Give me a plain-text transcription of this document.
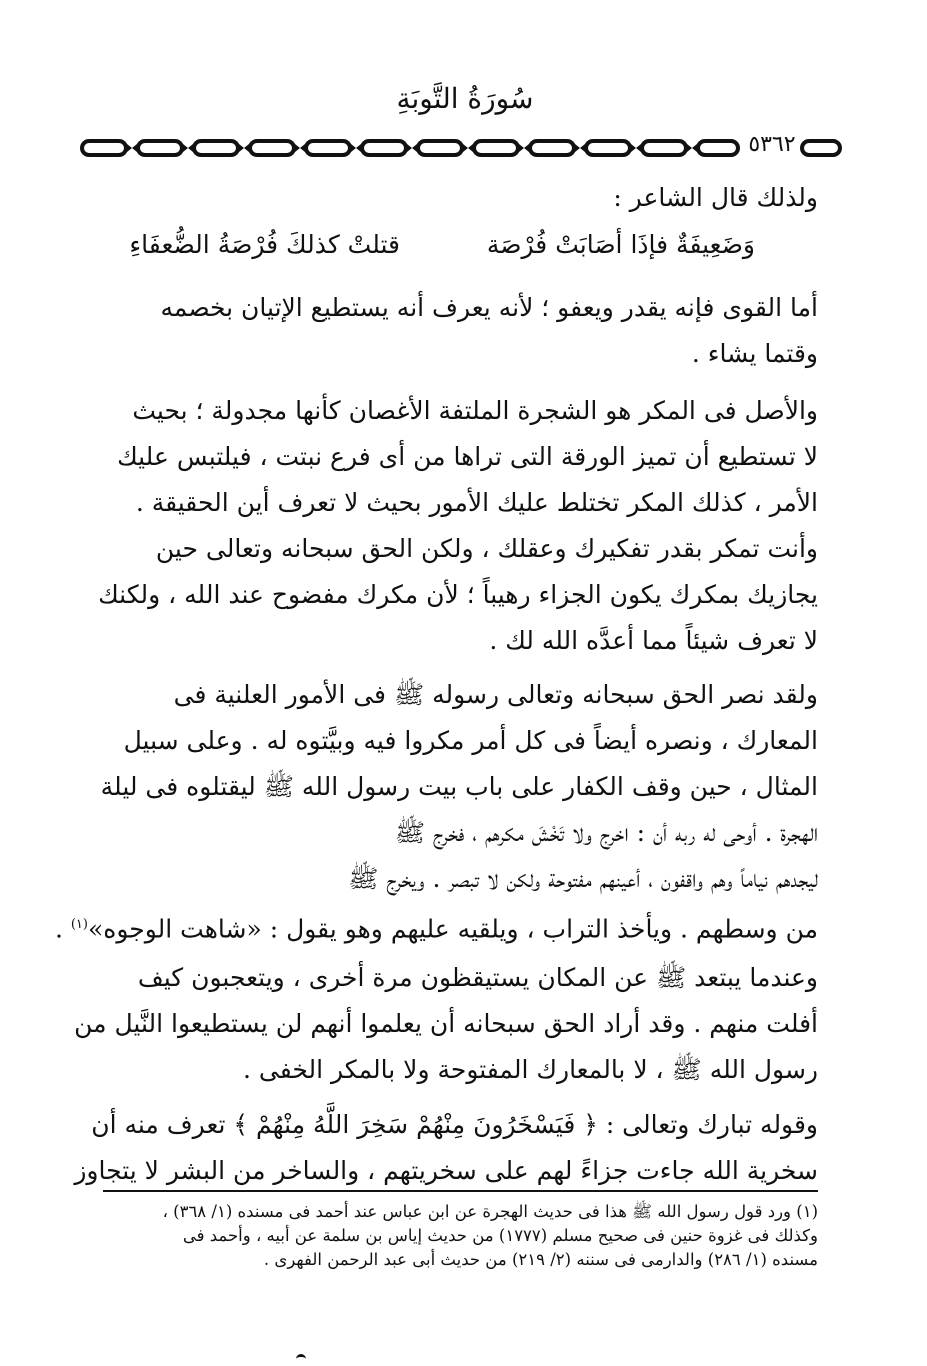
سُورَةُ التَّوبَةِ
٥٣٦٢
ولذلك قال الشاعر :
وَضَعِيفَةٌ فإذَا أصَابَتْ فُرْصَة
قتلتْ كذلكَ فُرْصَةُ الضُّعفَاءِ
أما القوى فإنه يقدر ويعفو ؛ لأنه يعرف أنه يستطيع الإتيان بخصمه
وقتما يشاء .
والأصل فى المكر هو الشجرة الملتفة الأغصان كأنها مجدولة ؛ بحيث
لا تستطيع أن تميز الورقة التى تراها من أى فرع نبتت ، فيلتبس عليك
الأمر ، كذلك المكر تختلط عليك الأمور بحيث لا تعرف أين الحقيقة .
وأنت تمكر بقدر تفكيرك وعقلك ، ولكن الحق سبحانه وتعالى حين
يجازيك بمكرك يكون الجزاء رهيباً ؛ لأن مكرك مفضوح عند الله ، ولكنك
لا تعرف شيئاً مما أعدَّه الله لك .
ولقد نصر الحق سبحانه وتعالى رسوله ﷺ فى الأمور العلنية فى
المعارك ، ونصره أيضاً فى كل أمر مكروا فيه وبيَّتوه له . وعلى سبيل
المثال ، حين وقف الكفار على باب بيت رسول الله ﷺ ليقتلوه فى ليلة
الهجرة . أوحى له ربه أن : اخرج ولا تَخْشَ مكرهم ، فخرج ﷺ
ليجدهم نياماً وهم واقفون ، أعينهم مفتوحة ولكن لا تبصر . ويخرج ﷺ
من وسطهم . ويأخذ التراب ، ويلقيه عليهم وهو يقول : «شاهت الوجوه»$^{(١)}$ .
وعندما يبتعد ﷺ عن المكان يستيقظون مرة أخرى ، ويتعجبون كيف
أفلت منهم . وقد أراد الحق سبحانه أن يعلموا أنهم لن يستطيعوا النَّيل من
رسول الله ﷺ ، لا بالمعارك المفتوحة ولا بالمكر الخفى .
وقوله تبارك وتعالى : ﴿ فَيَسْخَرُونَ مِنْهُمْ سَخِرَ اللَّهُ مِنْهُمْ ﴾ تعرف منه أن
سخرية الله جاءت جزاءً لهم على سخريتهم ، والساخر من البشر لا يتجاوز
(١) ورد قول رسول الله ﷺ هذا فى حديث الهجرة عن ابن عباس عند أحمد فى مسنده (١/ ٣٦٨) ،
وكذلك فى غزوة حنين فى صحيح مسلم (١٧٧٧) من حديث إياس بن سلمة عن أبيه ، وأحمد فى
مسنده (١/ ٢٨٦) والدارمى فى سننه (٢/ ٢١٩) من حديث أبى عبد الرحمن الفهرى .
